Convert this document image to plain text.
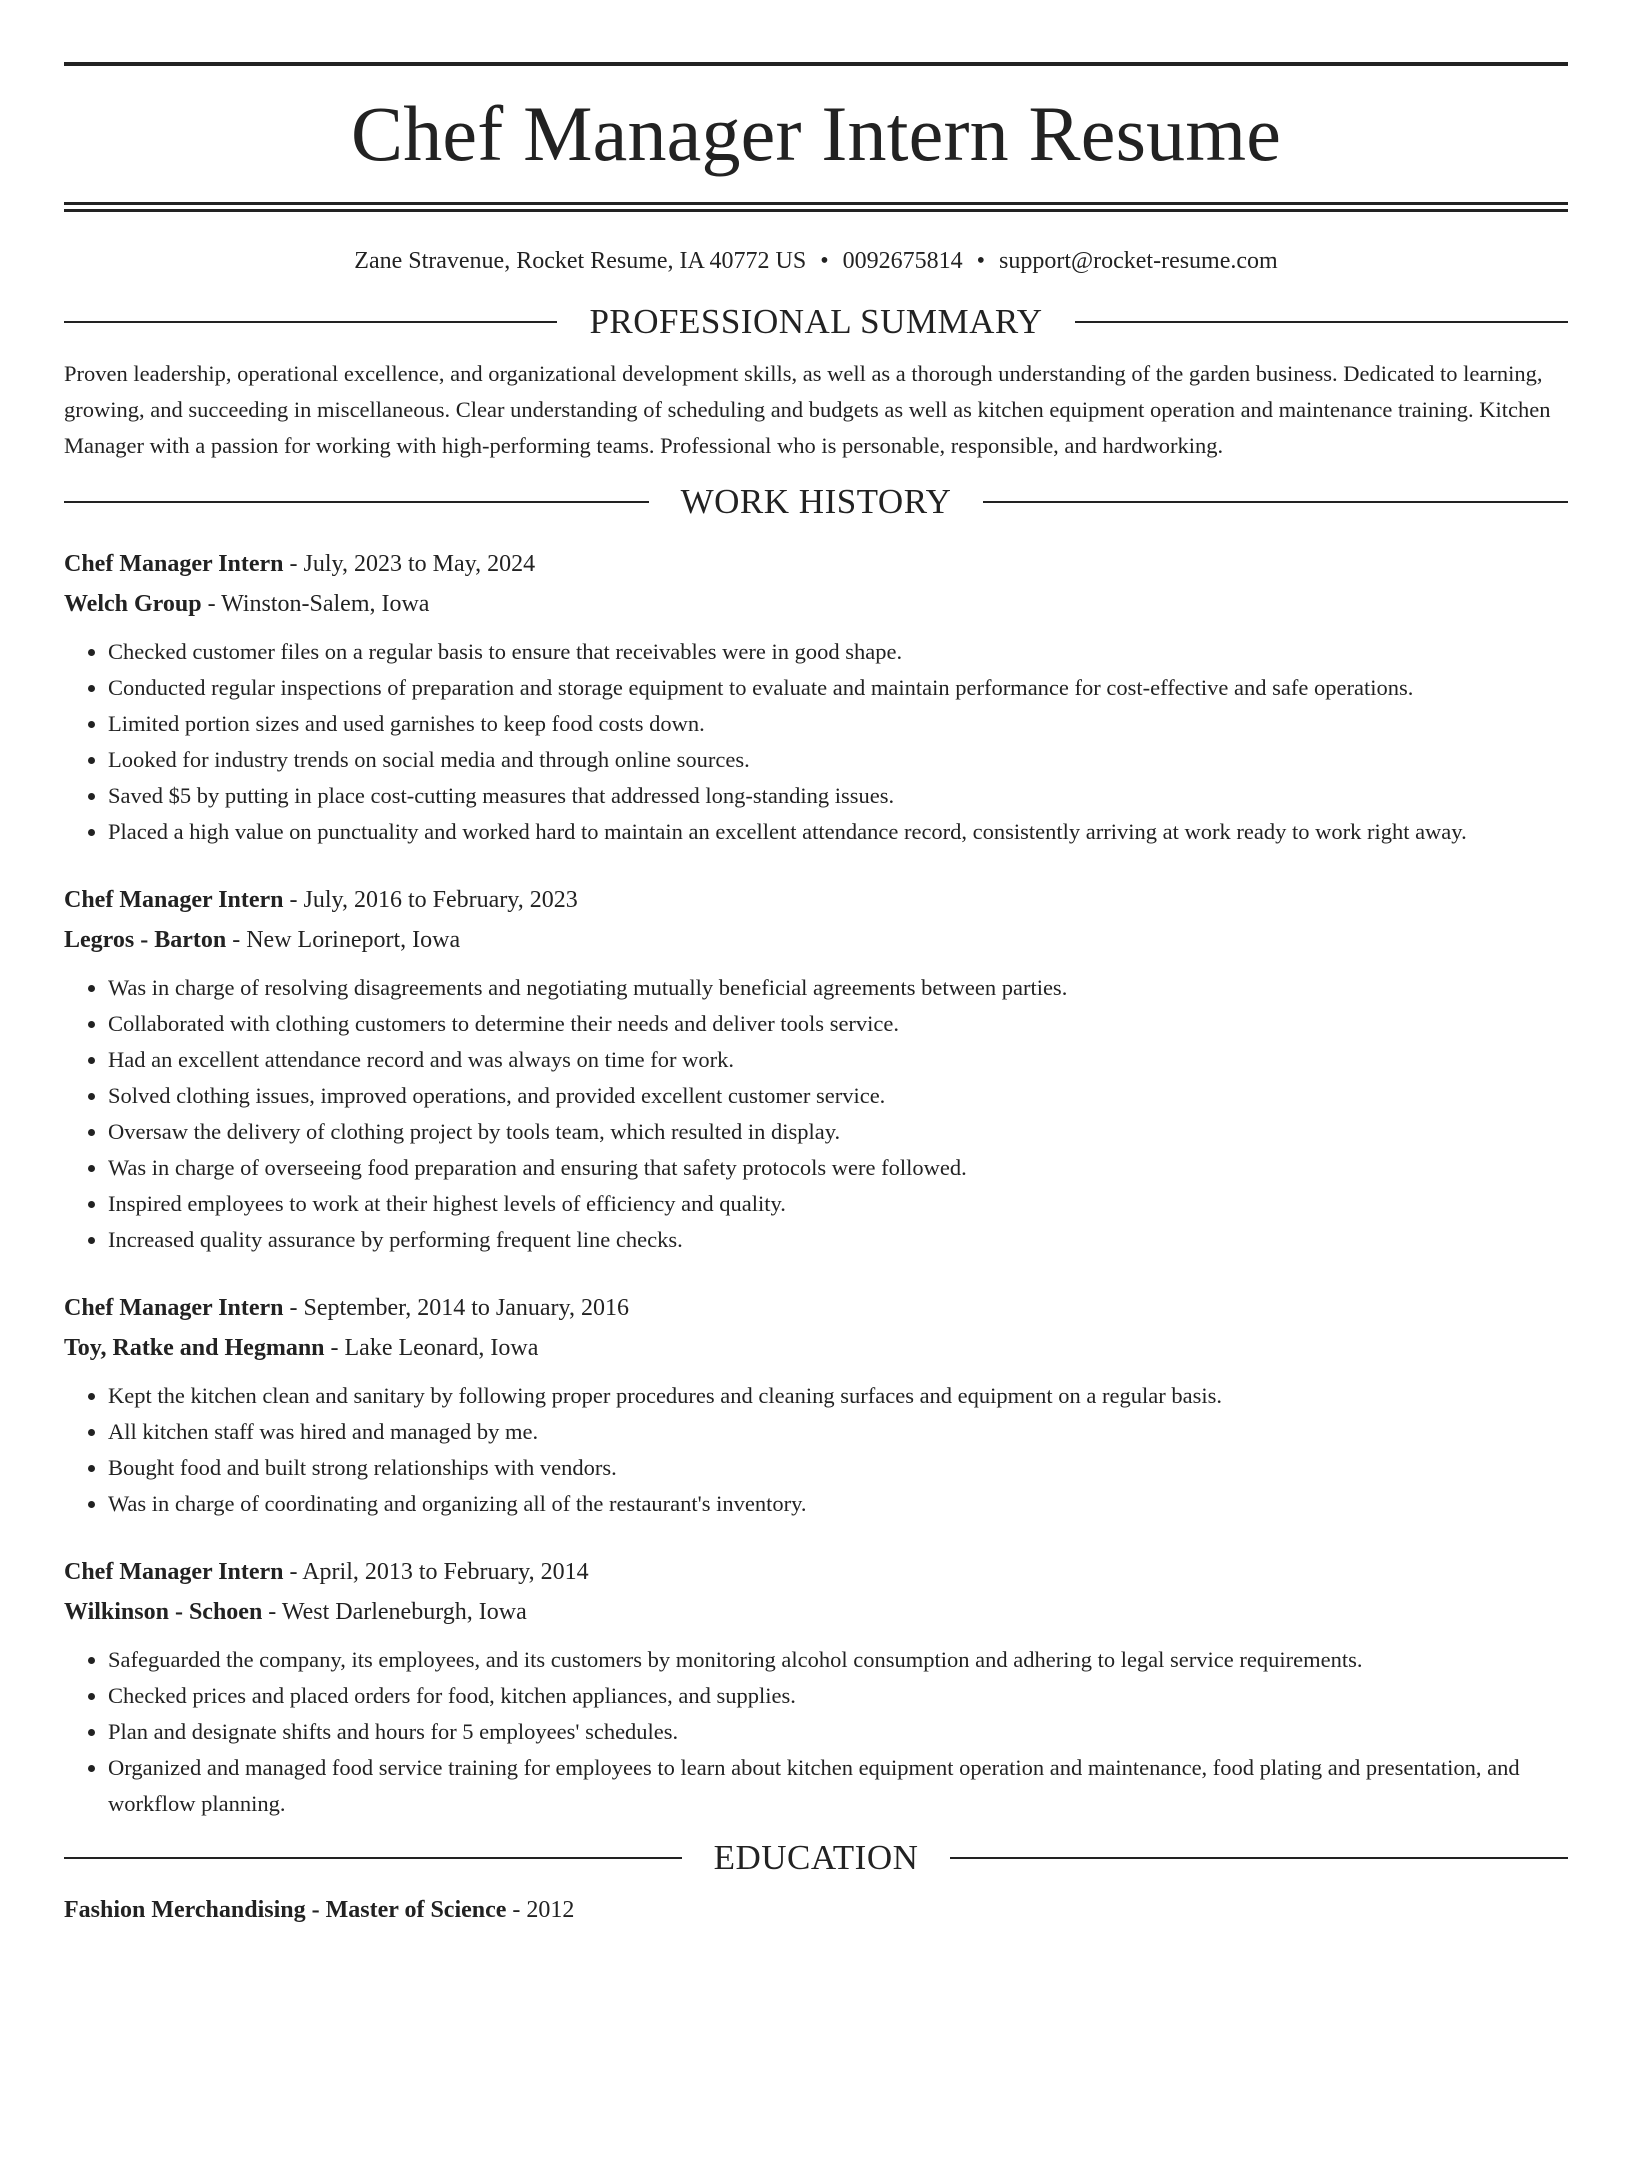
Chef Manager Intern Resume
Zane Stravenue, Rocket Resume, IA 40772 US • 0092675814 • support@rocket-resume.com
PROFESSIONAL SUMMARY
Proven leadership, operational excellence, and organizational development skills, as well as a thorough understanding of the garden business. Dedicated to learning, growing, and succeeding in miscellaneous. Clear understanding of scheduling and budgets as well as kitchen equipment operation and maintenance training. Kitchen Manager with a passion for working with high-performing teams. Professional who is personable, responsible, and hardworking.
WORK HISTORY
Chef Manager Intern - July, 2023 to May, 2024
Welch Group - Winston-Salem, Iowa
• Checked customer files on a regular basis to ensure that receivables were in good shape.
• Conducted regular inspections of preparation and storage equipment to evaluate and maintain performance for cost-effective and safe operations.
• Limited portion sizes and used garnishes to keep food costs down.
• Looked for industry trends on social media and through online sources.
• Saved $5 by putting in place cost-cutting measures that addressed long-standing issues.
• Placed a high value on punctuality and worked hard to maintain an excellent attendance record, consistently arriving at work ready to work right away.
Chef Manager Intern - July, 2016 to February, 2023
Legros - Barton - New Lorineport, Iowa
• Was in charge of resolving disagreements and negotiating mutually beneficial agreements between parties.
• Collaborated with clothing customers to determine their needs and deliver tools service.
• Had an excellent attendance record and was always on time for work.
• Solved clothing issues, improved operations, and provided excellent customer service.
• Oversaw the delivery of clothing project by tools team, which resulted in display.
• Was in charge of overseeing food preparation and ensuring that safety protocols were followed.
• Inspired employees to work at their highest levels of efficiency and quality.
• Increased quality assurance by performing frequent line checks.
Chef Manager Intern - September, 2014 to January, 2016
Toy, Ratke and Hegmann - Lake Leonard, Iowa
• Kept the kitchen clean and sanitary by following proper procedures and cleaning surfaces and equipment on a regular basis.
• All kitchen staff was hired and managed by me.
• Bought food and built strong relationships with vendors.
• Was in charge of coordinating and organizing all of the restaurant's inventory.
Chef Manager Intern - April, 2013 to February, 2014
Wilkinson - Schoen - West Darleneburgh, Iowa
• Safeguarded the company, its employees, and its customers by monitoring alcohol consumption and adhering to legal service requirements.
• Checked prices and placed orders for food, kitchen appliances, and supplies.
• Plan and designate shifts and hours for 5 employees' schedules.
• Organized and managed food service training for employees to learn about kitchen equipment operation and maintenance, food plating and presentation, and workflow planning.
EDUCATION
Fashion Merchandising - Master of Science - 2012
